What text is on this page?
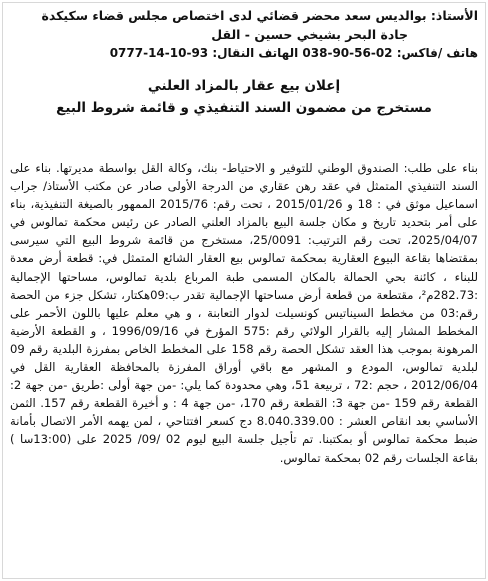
الأستاذ: بوالديس سعد محضر قضائي لدى اختصاص مجلس قضاء سكيكدة
جادة البحر بشيخي حسين - القل
هاتف /فاكس: 02-56-90-038 الهاتف النقال: 93-10-14-0777
إعلان بيع عقار بالمزاد العلني
مستخرج من مضمون السند التنفيذي و قائمة شروط البيع

بناء على طلب: الصندوق الوطني للتوفير و الاحتياط- بنك، وكالة القل بواسطة مديرتها. بناء على السند التنفيذي المتمثل في عقد رهن عقاري من الدرجة الأولى صادر عن مكتب الأستاذ/ جراب اسماعيل موثق في : 18 و 2015/01/26 ، تحت رقم: 2015/76 الممهور بالصيغة التنفيذية، بناء على أمر بتحديد تاريخ و مكان جلسة البيع بالمزاد العلني الصادر عن رئيس محكمة تمالوس في 2025/04/07، تحت رقم الترتيب: 25/0091، مستخرج من قائمة شروط البيع التي سيرسى بمقتضاها بقاعة البيوع العقارية بمحكمة تمالوس بيع العقار الشائع المتمثل في: قطعة أرض معدة للبناء ، كائنة بحي الحمالة بالمكان المسمى طبة المرباع بلدية تمالوس، مساحتها الإجمالية :282.73م²، مقتطعة من قطعة أرض مساحتها الإجمالية تقدر ب:09هكتار، تشكل جزء من الحصة رقم:03 من مخطط السيناتيس كونسيلت لدوار التعابنة ، و هي معلم عليها باللون الأحمر على المخطط المشار إليه بالقرار الولائي رقم :575 المؤرخ في 1996/09/16 ، و القطعة الأرضية المرهونة بموجب هذا العقد تشكل الحصة رقم 158 على المخطط الخاص بمفرزة البلدية رقم 09 لبلدية تمالوس، المودع و المشهر مع باقي أوراق المفرزة بالمحافظة العقارية القل في 2012/06/04 ، حجم :72 ، تربيعة 51، وهي محدودة كما يلي: -من جهة أولى :طريق -من جهة 2: القطعة رقم 159 -من جهة 3: القطعة رقم 170، -من جهة 4 : و أخيرة القطعة رقم 157. الثمن الأساسي بعد انقاص العشر : 8.040.339.00 دج كسعر افتتاحي ، لمن يهمه الأمر الاتصال بأمانة ضبط محكمة تمالوس أو بمكتبنا. تم تأجيل جلسة البيع ليوم 02 /09/ 2025 على (13:00سا ) بقاعة الجلسات رقم 02 بمحكمة تمالوس.
